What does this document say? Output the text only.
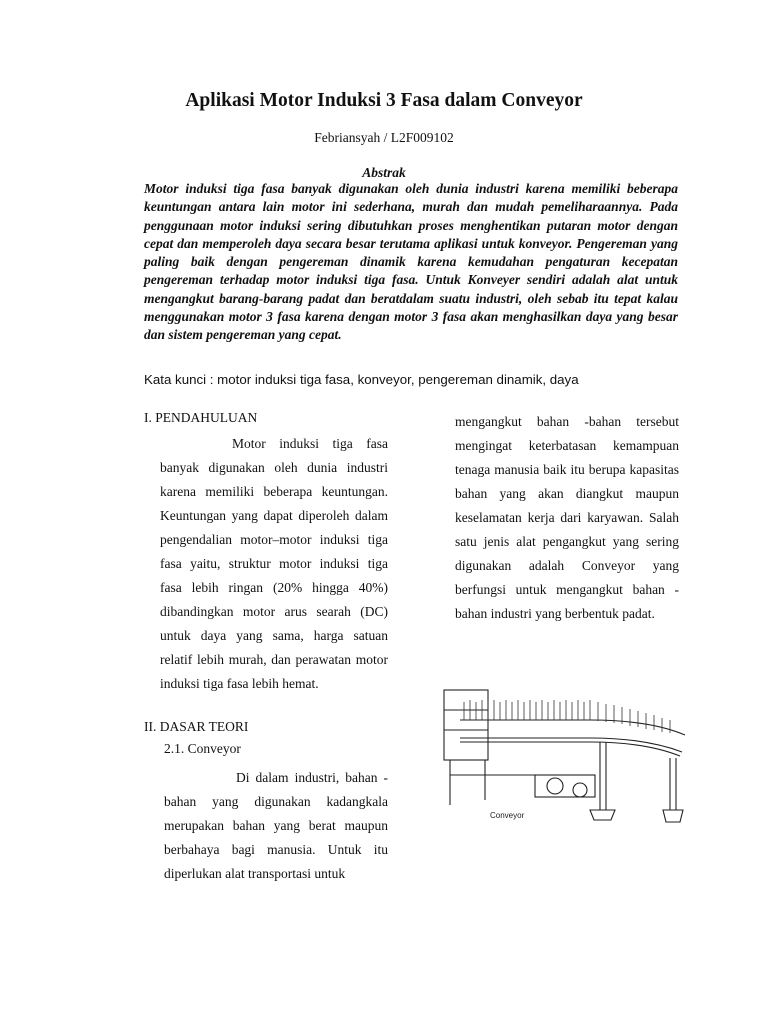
Aplikasi Motor Induksi 3 Fasa dalam Conveyor
Febriansyah / L2F009102
Abstrak
Motor induksi tiga fasa banyak digunakan oleh dunia industri karena memiliki beberapa keuntungan antara lain motor ini sederhana, murah dan mudah pemeliharaannya. Pada penggunaan motor induksi sering dibutuhkan proses menghentikan putaran motor dengan cepat dan memperoleh daya secara besar terutama aplikasi untuk konveyor. Pengereman yang paling baik dengan pengereman dinamik karena kemudahan pengaturan kecepatan pengereman terhadap motor induksi tiga fasa. Untuk Konveyer sendiri adalah alat untuk mengangkut barang-barang padat dan beratdalam suatu industri, oleh sebab itu tepat kalau menggunakan motor 3 fasa karena dengan motor 3 fasa akan menghasilkan daya yang besar dan sistem pengereman yang cepat.
Kata kunci : motor induksi tiga fasa, konveyor, pengereman dinamik, daya
I. PENDAHULUAN

Motor induksi tiga fasa banyak digunakan oleh dunia industri karena memiliki beberapa keuntungan. Keuntungan yang dapat diperoleh dalam pengendalian motor–motor induksi tiga fasa yaitu, struktur motor induksi tiga fasa lebih ringan (20% hingga 40%) dibandingkan motor arus searah (DC) untuk daya yang sama, harga satuan relatif lebih murah, dan perawatan motor induksi tiga fasa lebih hemat.

II. DASAR TEORI
2.1. Conveyor

Di dalam industri, bahan -bahan yang digunakan kadangkala merupakan bahan yang berat maupun berbahaya bagi manusia. Untuk itu diperlukan alat transportasi untuk

mengangkut bahan -bahan tersebut mengingat keterbatasan kemampuan tenaga manusia baik itu berupa kapasitas bahan yang akan diangkut maupun keselamatan kerja dari karyawan. Salah satu jenis alat pengangkut yang sering digunakan adalah Conveyor yang berfungsi untuk mengangkut bahan -bahan industri yang berbentuk padat.

Conveyor
